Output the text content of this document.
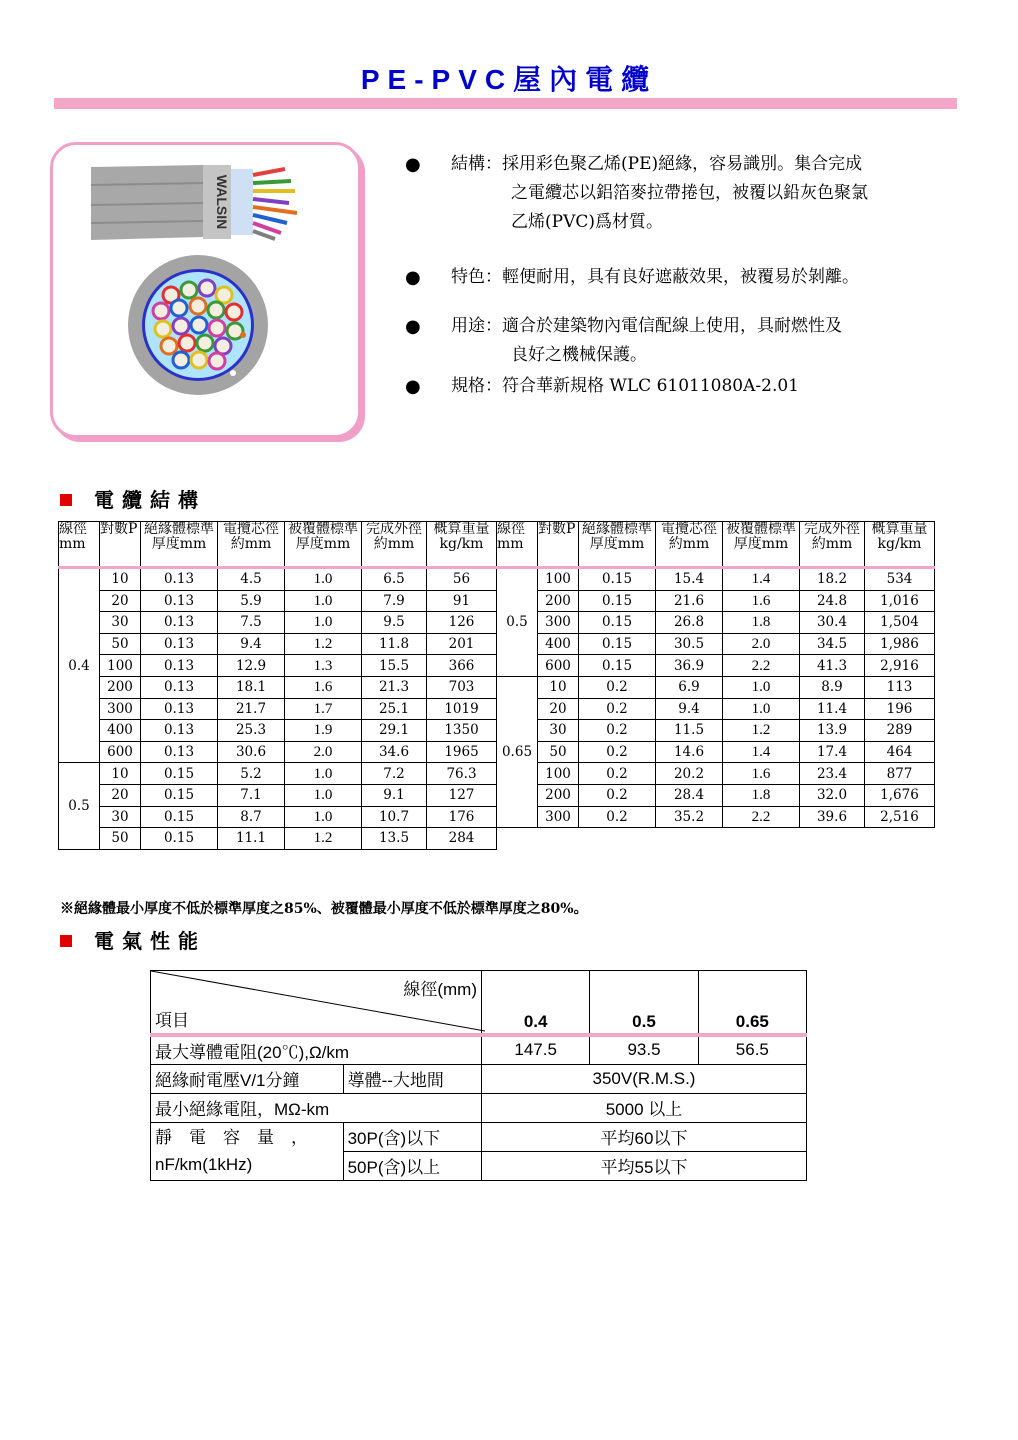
PE-PVC屋內電纜
WALSIN
● 結構：採用彩色聚乙烯(PE)絕緣，容易識別。集合完成
之電纜芯以鋁箔麥拉帶捲包，被覆以鉛灰色聚氯
乙烯(PVC)爲材質。
● 特色：輕便耐用，具有良好遮蔽效果，被覆易於剝離。
● 用途：適合於建築物內電信配線上使用，具耐燃性及
良好之機械保護。
● 規格：符合華新規格 WLC 61011080A-2.01
電纜結構
線徑mm	對數P	絕緣體標準厚度mm	電攬芯徑約mm	被覆體標準厚度mm	完成外徑約mm	概算重量kg/km	線徑mm	對數P	絕緣體標準厚度mm	電攬芯徑約mm	被覆體標準厚度mm	完成外徑約mm	概算重量kg/km
0.4	10	0.13	4.5	1.0	6.5	56	0.5	100	0.15	15.4	1.4	18.2	534
	20	0.13	5.9	1.0	7.9	91		200	0.15	21.6	1.6	24.8	1,016
	30	0.13	7.5	1.0	9.5	126		300	0.15	26.8	1.8	30.4	1,504
	50	0.13	9.4	1.2	11.8	201		400	0.15	30.5	2.0	34.5	1,986
	100	0.13	12.9	1.3	15.5	366		600	0.15	36.9	2.2	41.3	2,916
	200	0.13	18.1	1.6	21.3	703	0.65	10	0.2	6.9	1.0	8.9	113
	300	0.13	21.7	1.7	25.1	1019		20	0.2	9.4	1.0	11.4	196
	400	0.13	25.3	1.9	29.1	1350		30	0.2	11.5	1.2	13.9	289
	600	0.13	30.6	2.0	34.6	1965		50	0.2	14.6	1.4	17.4	464
0.5	10	0.15	5.2	1.0	7.2	76.3		100	0.2	20.2	1.6	23.4	877
	20	0.15	7.1	1.0	9.1	127		200	0.2	28.4	1.8	32.0	1,676
	30	0.15	8.7	1.0	10.7	176		300	0.2	35.2	2.2	39.6	2,516
	50	0.15	11.1	1.2	13.5	284							
※絕緣體最小厚度不低於標準厚度之85%、被覆體最小厚度不低於標準厚度之80%。
電氣性能
線徑(mm)
項目		0.4	0.5	0.65
最大導體電阻(20℃),Ω/km		147.5	93.5	56.5
絕緣耐電壓V/1分鐘	導體--大地間	350V(R.M.S.)		
最小絕緣電阻，MΩ-km		5000 以上		

靜　電　容　量　，
nF/km(1kHz)	30P(含)以下	平均60以下		
	50P(含)以上	平均55以下		
